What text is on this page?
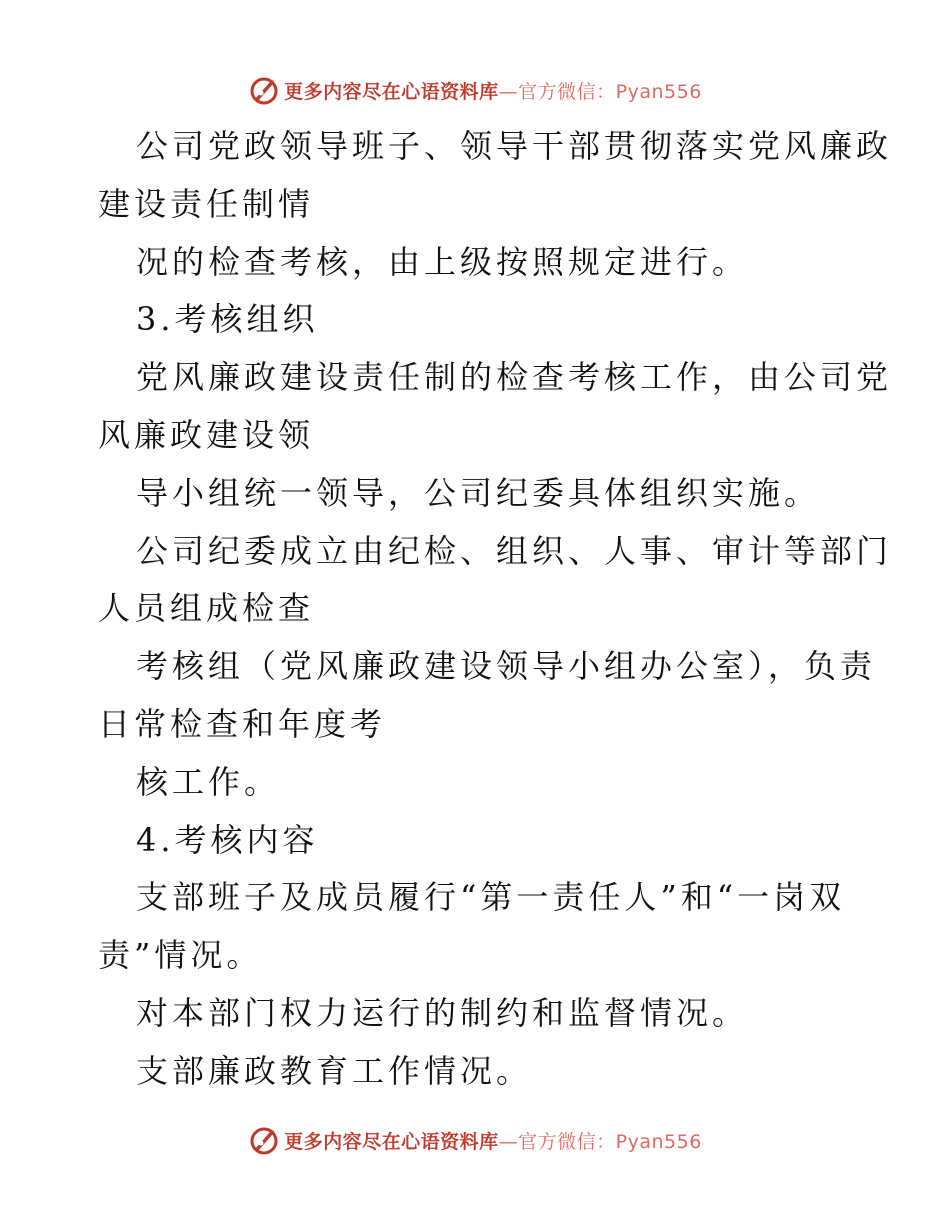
更多内容尽在心语资料库 —官方微信：Pyan556

公司党政领导班子、领导干部贯彻落实党风廉政

建设责任制情

况的检查考核，由上级按照规定进行。

3.考核组织

党风廉政建设责任制的检查考核工作，由公司党

风廉政建设领

导小组统一领导，公司纪委具体组织实施。

公司纪委成立由纪检、组织、人事、审计等部门

人员组成检查

考核组（党风廉政建设领导小组办公室），负责

日常检查和年度考

核工作。

4.考核内容

支部班子及成员履行“第一责任人”和“一岗双

责”情况。

对本部门权力运行的制约和监督情况。

支部廉政教育工作情况。

更多内容尽在心语资料库 —官方微信：Pyan556
